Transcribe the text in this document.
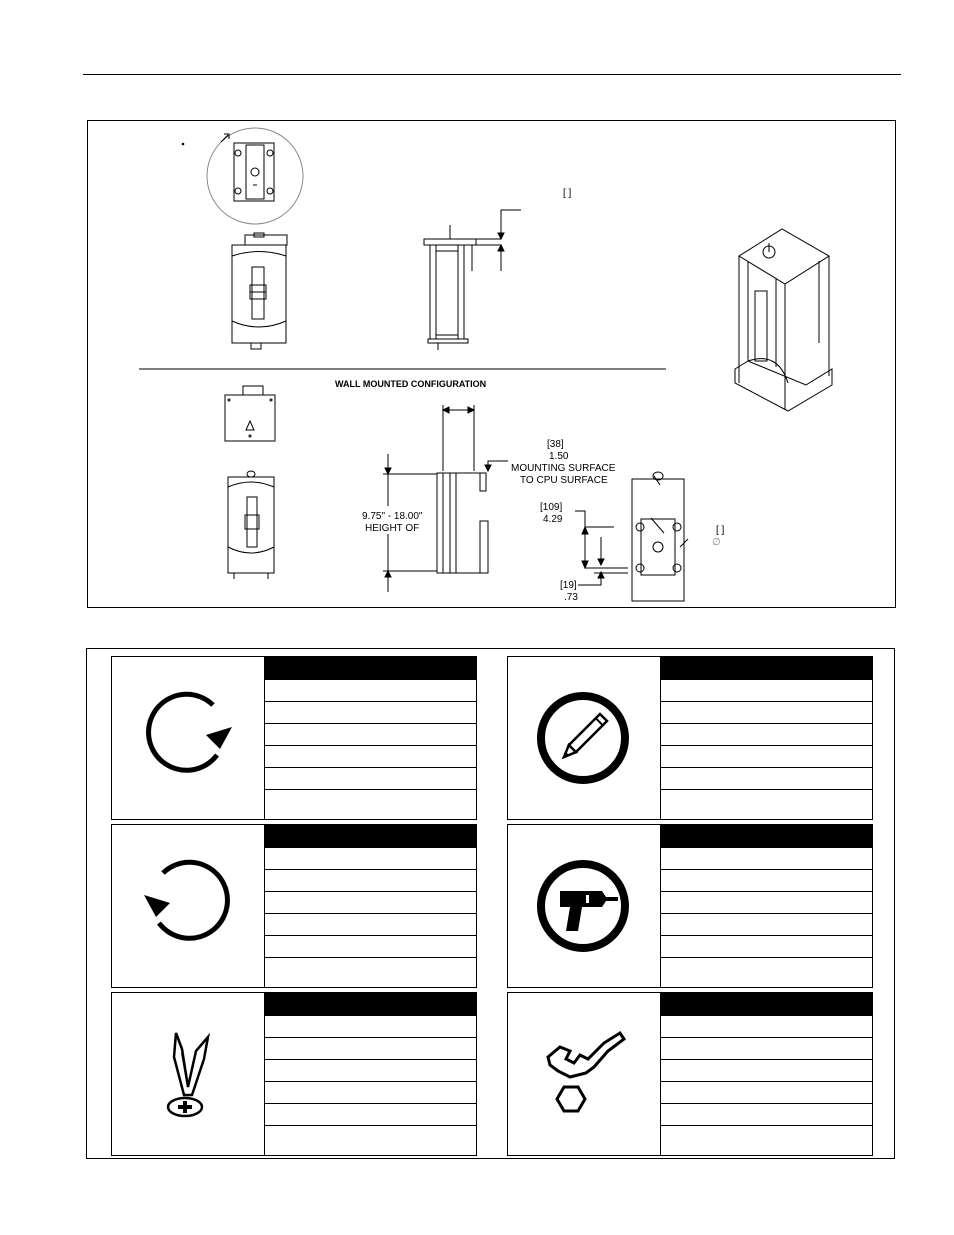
WALL MOUNTED CONFIGURATION
[ ]
[38]
1.50
MOUNTING SURFACE
TO CPU SURFACE
9.75" - 18.00"
HEIGHT OF
[109]
4.29
[19]
.73
[ ]
∅
